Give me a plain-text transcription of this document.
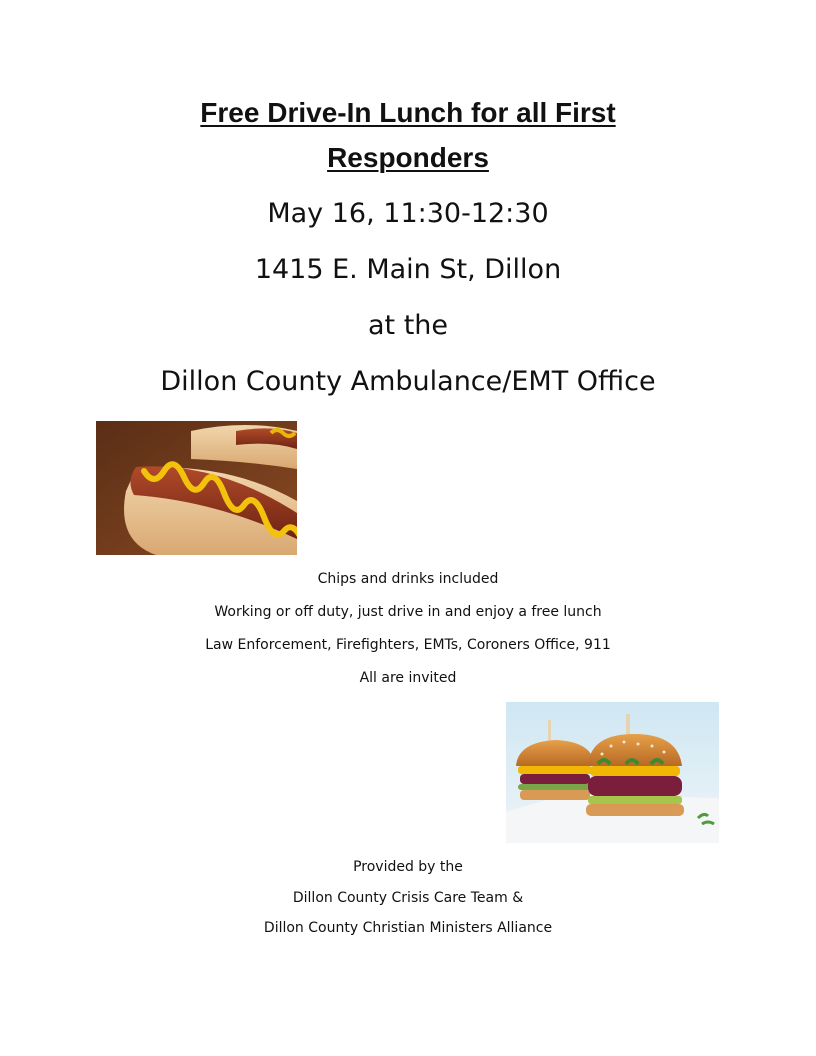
Free Drive-In Lunch for all First
Responders
May 16, 11:30-12:30
1415 E. Main St, Dillon
at the
Dillon County Ambulance/EMT Office
Chips and drinks included
Working or off duty, just drive in and enjoy a free lunch
Law Enforcement, Firefighters, EMTs, Coroners Office, 911
All are invited
Provided by the
Dillon County Crisis Care Team &
Dillon County Christian Ministers Alliance
